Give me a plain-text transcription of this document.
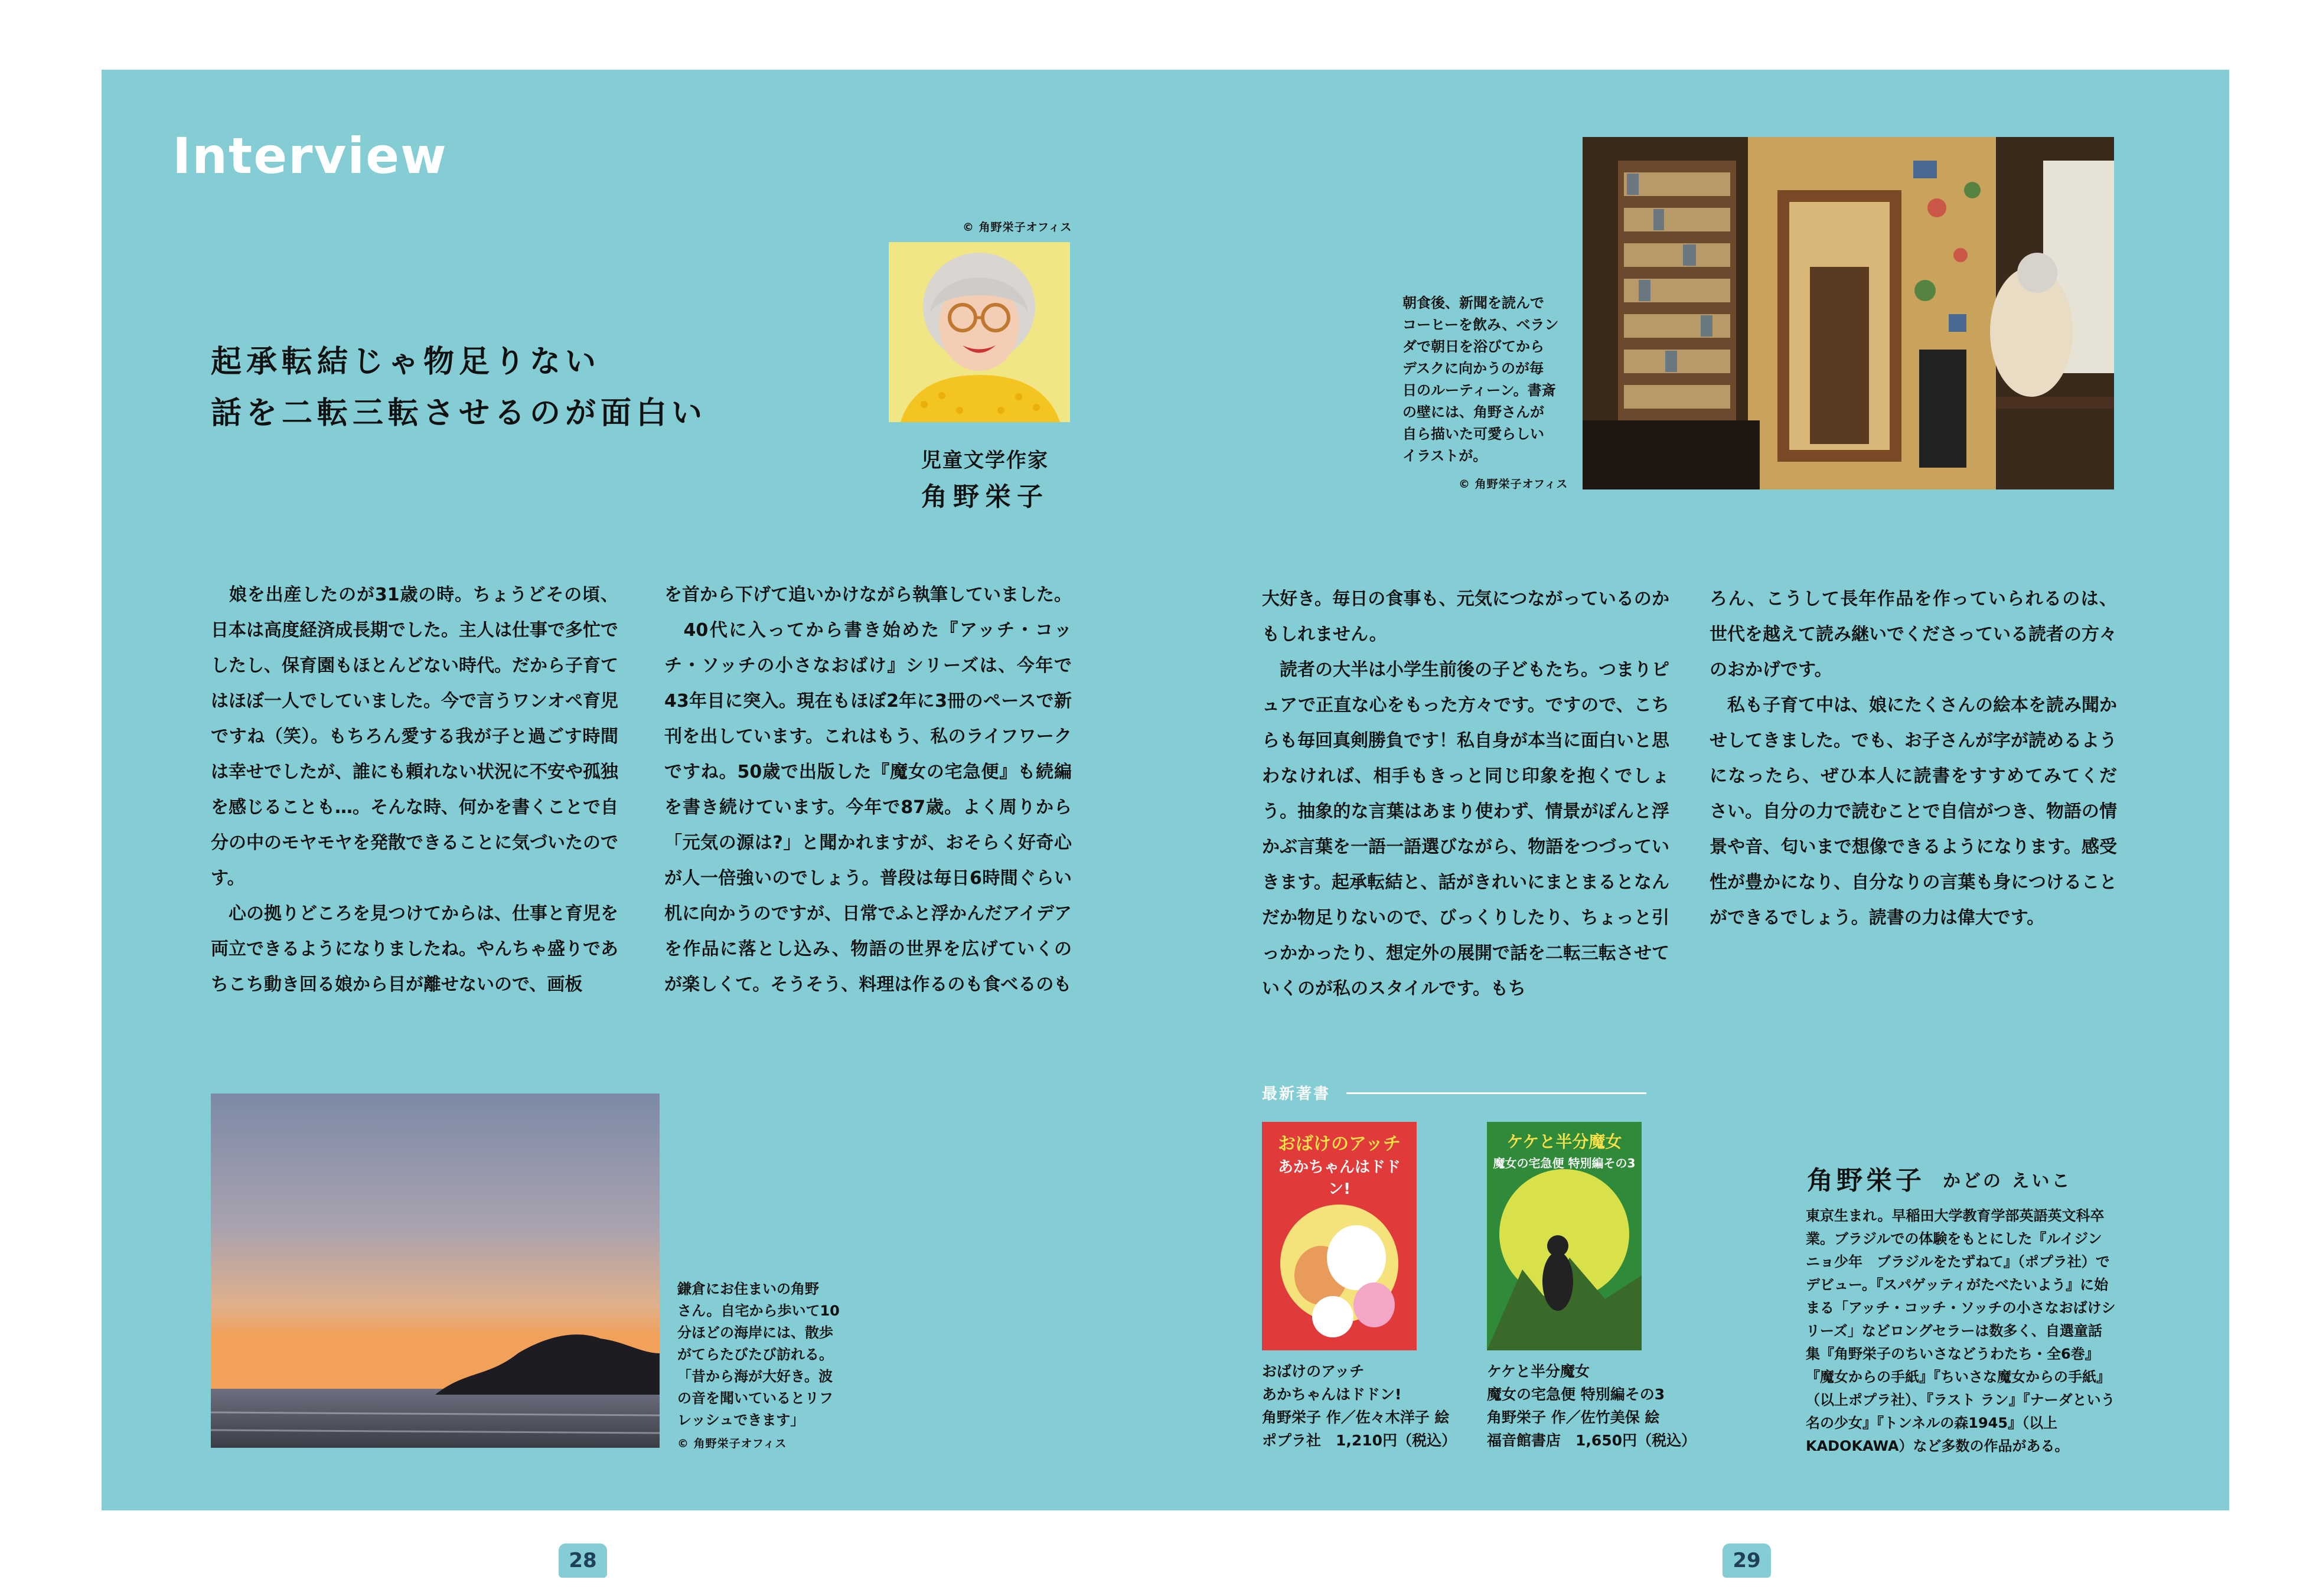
Interview
起承転結じゃ物足りない
話を二転三転させるのが面白い
© 角野栄子オフィス
児童文学作家
角野栄子
朝食後、新聞を読んで
コーヒーを飲み、ベラン
ダで朝日を浴びてから
デスクに向かうのが毎
日のルーティーン。書斎
の壁には、角野さんが
自ら描いた可愛らしい
イラストが。
© 角野栄子オフィス

　娘を出産したのが31歳の時。ちょうどその頃、日本は高度経済成長期でした。主人は仕事で多忙でしたし、保育園もほとんどない時代。だから子育てはほぼ一人でしていました。今で言うワンオペ育児ですね（笑）。もちろん愛する我が子と過ごす時間は幸せでしたが、誰にも頼れない状況に不安や孤独を感じることも…。そんな時、何かを書くことで自分の中のモヤモヤを発散できることに気づいたのです。

　心の拠りどころを見つけてからは、仕事と育児を両立できるようになりましたね。やんちゃ盛りであちこち動き回る娘から目が離せないので、画板

を首から下げて追いかけながら執筆していました。

　40代に入ってから書き始めた『アッチ・コッチ・ソッチの小さなおばけ』シリーズは、今年で43年目に突入。現在もほぼ2年に3冊のペースで新刊を出しています。これはもう、私のライフワークですね。50歳で出版した『魔女の宅急便』も続編を書き続けています。今年で87歳。よく周りから「元気の源は?」と聞かれますが、おそらく好奇心が人一倍強いのでしょう。普段は毎日6時間ぐらい机に向かうのですが、日常でふと浮かんだアイデアを作品に落とし込み、物語の世界を広げていくのが楽しくて。そうそう、料理は作るのも食べるのも

大好き。毎日の食事も、元気につながっているのかもしれません。

　読者の大半は小学生前後の子どもたち。つまりピュアで正直な心をもった方々です。ですので、こちらも毎回真剣勝負です！私自身が本当に面白いと思わなければ、相手もきっと同じ印象を抱くでしょう。抽象的な言葉はあまり使わず、情景がぽんと浮かぶ言葉を一語一語選びながら、物語をつづっていきます。起承転結と、話がきれいにまとまるとなんだか物足りないので、びっくりしたり、ちょっと引っかかったり、想定外の展開で話を二転三転させていくのが私のスタイルです。もち

ろん、こうして長年作品を作っていられるのは、世代を越えて読み継いでくださっている読者の方々のおかげです。

　私も子育て中は、娘にたくさんの絵本を読み聞かせしてきました。でも、お子さんが字が読めるようになったら、ぜひ本人に読書をすすめてみてください。自分の力で読むことで自信がつき、物語の情景や音、匂いまで想像できるようになります。感受性が豊かになり、自分なりの言葉も身につけることができるでしょう。読書の力は偉大です。

鎌倉にお住まいの角野
さん。自宅から歩いて10
分ほどの海岸には、散歩
がてらたびたび訪れる。
「昔から海が大好き。波
の音を聞いているとリフ
レッシュできます」
© 角野栄子オフィス
最新著書
おばけのアッチ
あかちゃんはドドン!
おばけのアッチ
あかちゃんはドドン!
角野栄子 作／佐々木洋子 絵
ポプラ社　1,210円（税込）
ケケと半分魔女
魔女の宅急便 特別編その3
ケケと半分魔女
魔女の宅急便 特別編その3
角野栄子 作／佐竹美保 絵
福音館書店　1,650円（税込）
角野栄子 かどの えいこ
東京生まれ。早稲田大学教育学部英語英文科卒業。ブラジルでの体験をもとにした『ルイジンニョ少年　ブラジルをたずねて』（ポプラ社）でデビュー。『スパゲッティがたべたいよう』に始まる「アッチ・コッチ・ソッチの小さなおばけシリーズ」などロングセラーは数多く、自選童話集『角野栄子のちいさなどうわたち・全6巻』『魔女からの手紙』『ちいさな魔女からの手紙』（以上ポプラ社）、『ラスト ラン』『ナーダという名の少女』『トンネルの森1945』（以上KADOKAWA）など多数の作品がある。
28	29
